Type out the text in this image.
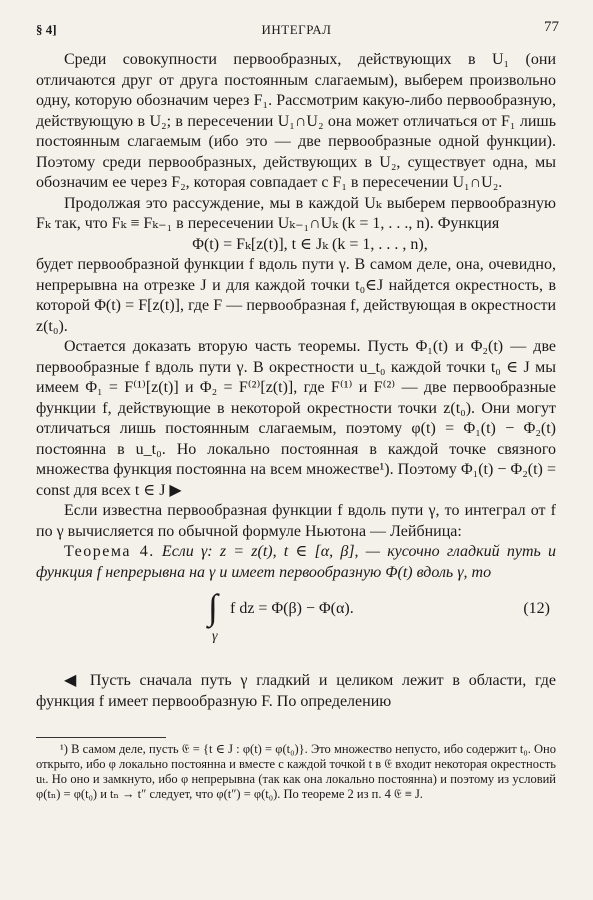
§ 4]	ИНТЕГРАЛ	77

Среди совокупности первообразных, действующих в U₁ (они отличаются друг от друга постоянным слагаемым), выберем произвольно одну, которую обозначим через F₁. Рассмотрим какую-либо первообразную, действующую в U₂; в пересечении U₁∩U₂ она может отличаться от F₁ лишь постоянным слагаемым (ибо это — две первообразные одной функции). Поэтому среди первообразных, действующих в U₂, существует одна, мы обозначим ее через F₂, которая совпадает с F₁ в пересечении U₁∩U₂.

Продолжая это рассуждение, мы в каждой Uₖ выберем первообразную Fₖ так, что Fₖ ≡ Fₖ₋₁ в пересечении Uₖ₋₁∩Uₖ (k = 1, . . ., n). Функция

Φ(t) = Fₖ[z(t)], t ∈ Jₖ (k = 1, . . . , n),

будет первообразной функции f вдоль пути γ. В самом деле, она, очевидно, непрерывна на отрезке J и для каждой точки t₀∈J найдется окрестность, в которой Φ(t) = F[z(t)], где F — первообразная f, действующая в окрестности z(t₀).

Остается доказать вторую часть теоремы. Пусть Φ₁(t) и Φ₂(t) — две первообразные f вдоль пути γ. В окрестности u_t₀ каждой точки t₀ ∈ J мы имеем Φ₁ = F⁽¹⁾[z(t)] и Φ₂ = F⁽²⁾[z(t)], где F⁽¹⁾ и F⁽²⁾ — две первообразные функции f, действующие в некоторой окрестности точки z(t₀). Они могут отличаться лишь постоянным слагаемым, поэтому φ(t) = Φ₁(t) − Φ₂(t) постоянна в u_t₀. Но локально постоянная в каждой точке связного множества функция постоянна на всем множестве¹). Поэтому Φ₁(t) − Φ₂(t) = const для всех t ∈ J ▶

Если известна первообразная функции f вдоль пути γ, то интеграл от f по γ вычисляется по обычной формуле Ньютона — Лейбница:

Теорема 4. Если γ: z = z(t), t ∈ [α, β], — кусочно гладкий путь и функция f непрерывна на γ и имеет первообразную Φ(t) вдоль γ, то

∫
γ
f dz = Φ(β) − Φ(α).	(12)

◀ Пусть сначала путь γ гладкий и целиком лежит в области, где функция f имеет первообразную F. По определению

¹) В самом деле, пусть 𝔈 = {t ∈ J : φ(t) = φ(t₀)}. Это множество непусто, ибо содержит t₀. Оно открыто, ибо φ локально постоянна и вместе с каждой точкой t в 𝔈 входит некоторая окрестность uₜ. Но оно и замкнуто, ибо φ непрерывна (так как она локально постоянна) и поэтому из условий φ(tₙ) = φ(t₀) и tₙ → t″ следует, что φ(t″) = φ(t₀). По теореме 2 из п. 4 𝔈 ≡ J.
